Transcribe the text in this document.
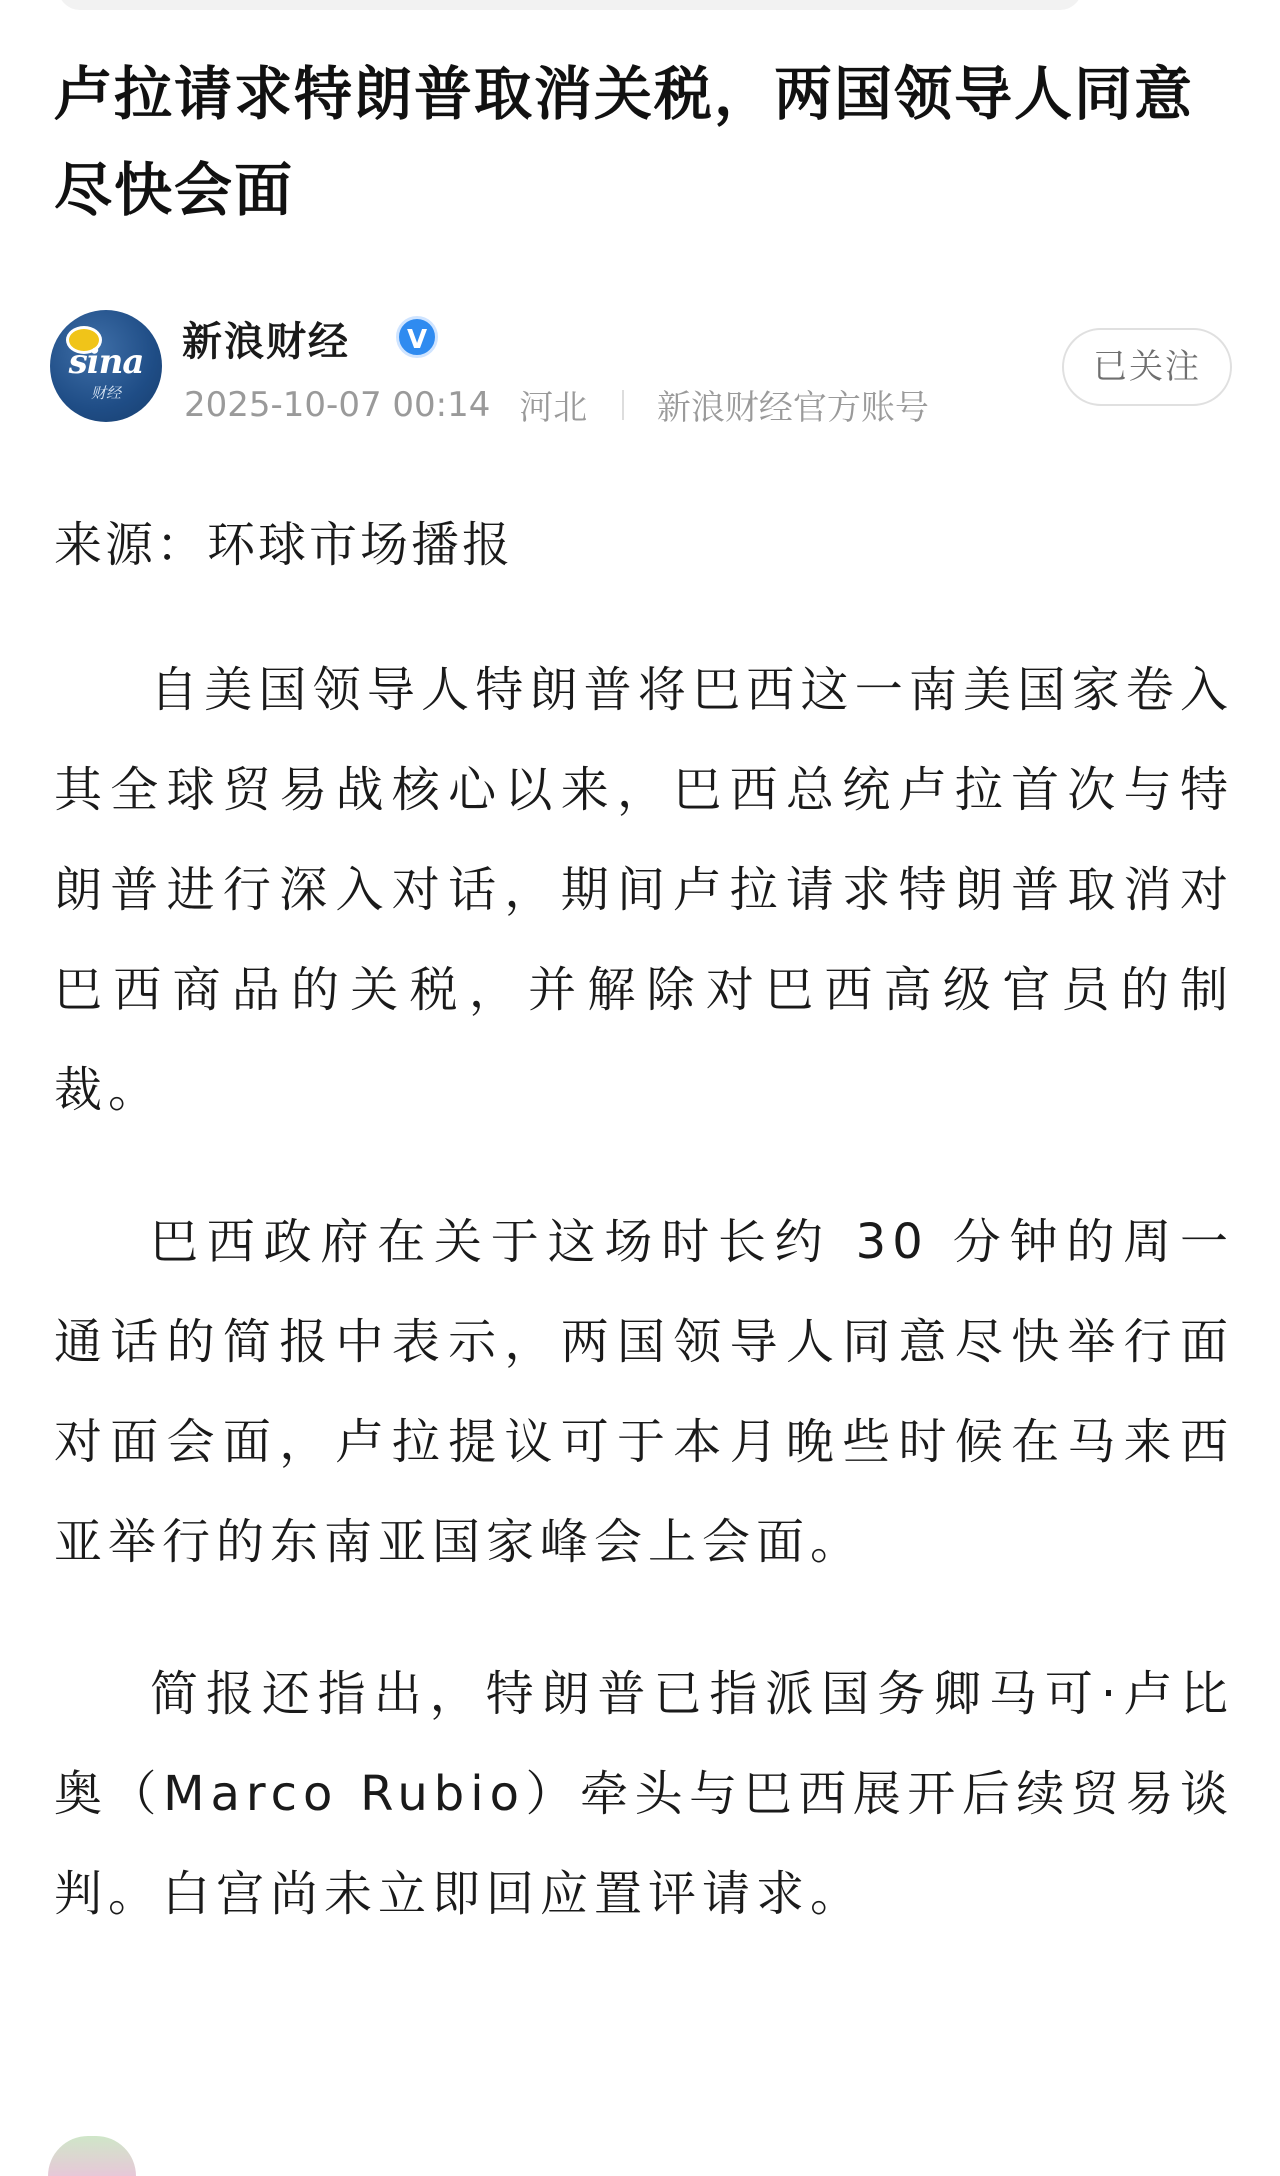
卢拉请求特朗普取消关税，两国领导人同意尽快会面
sina
财经
新浪财经	V
2025-10-07 00:14 河北 新浪财经官方账号
已关注
来源：环球市场播报

自美国领导人特朗普将巴西这一南美国家卷入其全球贸易战核心以来，巴西总统卢拉首次与特朗普进行深入对话，期间卢拉请求特朗普取消对巴西商品的关税，并解除对巴西高级官员的制裁。

巴西政府在关于这场时长约 30 分钟的周一通话的简报中表示，两国领导人同意尽快举行面对面会面，卢拉提议可于本月晚些时候在马来西亚举行的东南亚国家峰会上会面。

简报还指出，特朗普已指派国务卿马可·卢比奥（Marco Rubio）牵头与巴西展开后续贸易谈判。白宫尚未立即回应置评请求。
